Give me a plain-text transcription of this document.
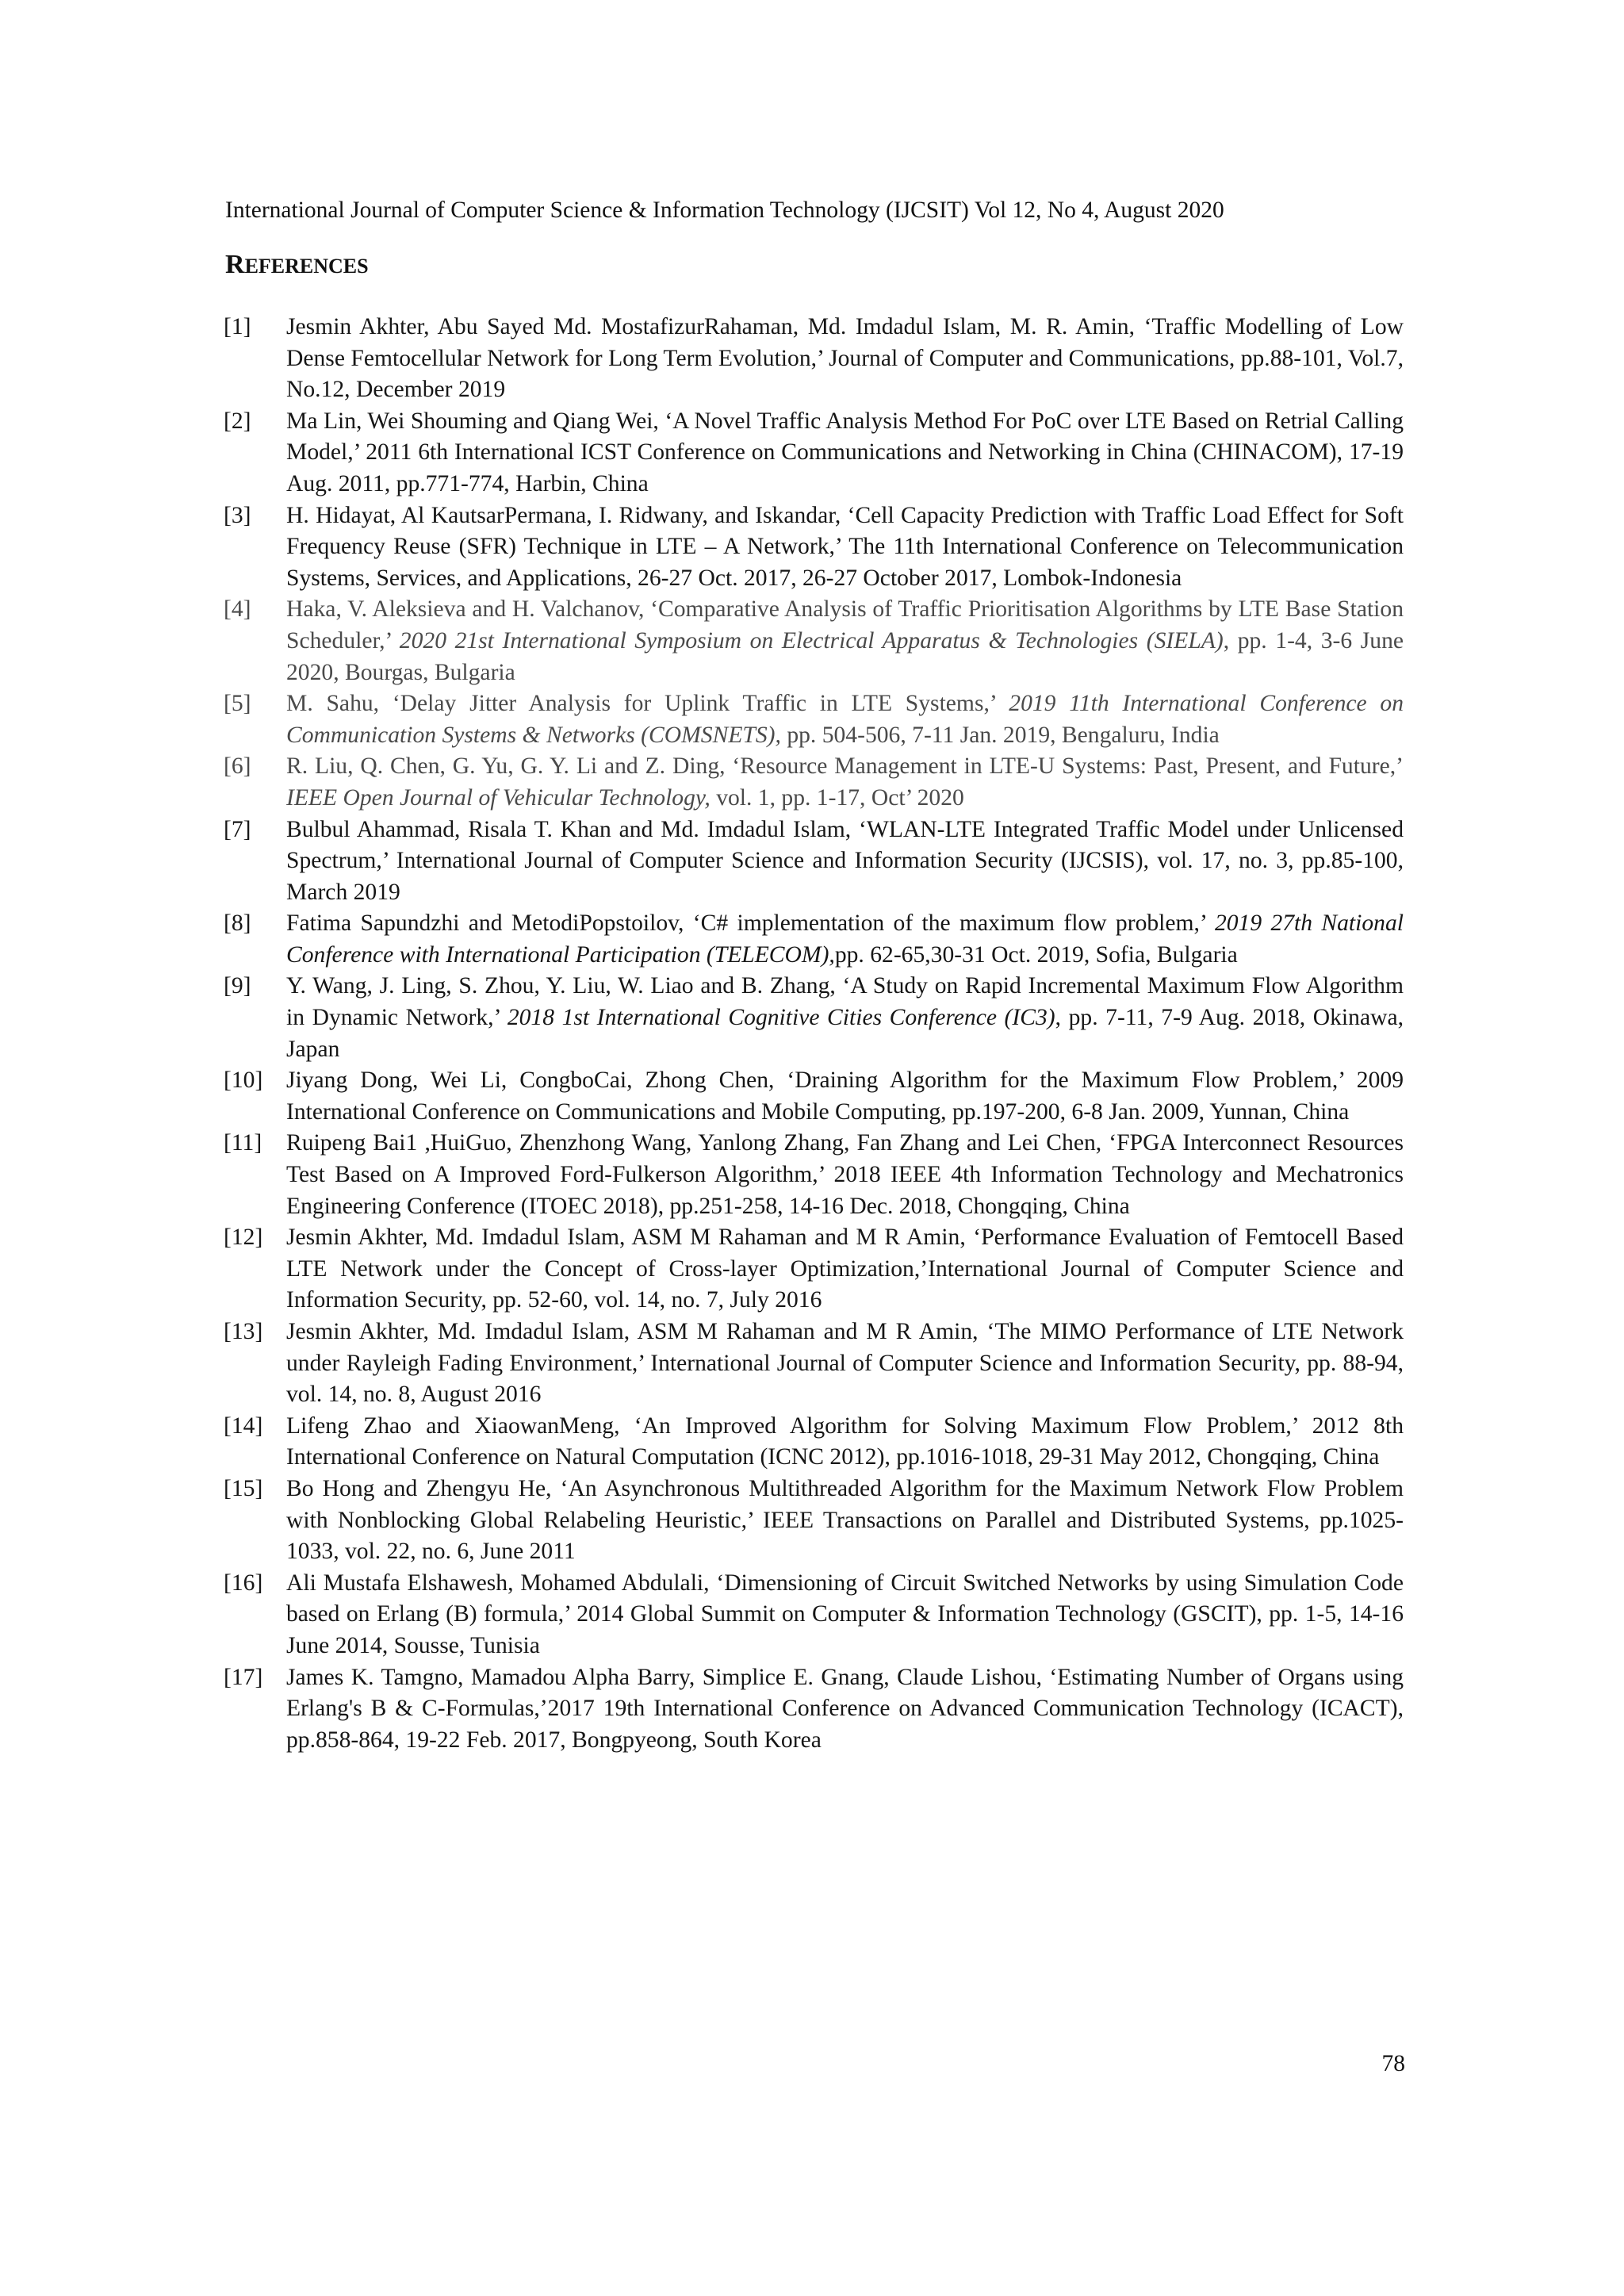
International Journal of Computer Science & Information Technology (IJCSIT) Vol 12, No 4, August 2020
REFERENCES
[1] Jesmin Akhter, Abu Sayed Md. MostafizurRahaman, Md. Imdadul Islam, M. R. Amin, ‘Traffic Modelling of Low Dense Femtocellular Network for Long Term Evolution,’ Journal of Computer and Communications, pp.88-101, Vol.7, No.12, December 2019
[2] Ma Lin, Wei Shouming and Qiang Wei, ‘A Novel Traffic Analysis Method For PoC over LTE Based on Retrial Calling Model,’ 2011 6th International ICST Conference on Communications and Networking in China (CHINACOM), 17-19 Aug. 2011, pp.771-774, Harbin, China
[3] H. Hidayat, Al KautsarPermana, I. Ridwany, and Iskandar, ‘Cell Capacity Prediction with Traffic Load Effect for Soft Frequency Reuse (SFR) Technique in LTE – A Network,’ The 11th International Conference on Telecommunication Systems, Services, and Applications, 26-27 Oct. 2017, 26-27 October 2017, Lombok-Indonesia
[4] Haka, V. Aleksieva and H. Valchanov, ‘Comparative Analysis of Traffic Prioritisation Algorithms by LTE Base Station Scheduler,’ 2020 21st International Symposium on Electrical Apparatus & Technologies (SIELA), pp. 1-4, 3-6 June 2020, Bourgas, Bulgaria
[5] M. Sahu, ‘Delay Jitter Analysis for Uplink Traffic in LTE Systems,’ 2019 11th International Conference on Communication Systems & Networks (COMSNETS), pp. 504-506, 7-11 Jan. 2019, Bengaluru, India
[6] R. Liu, Q. Chen, G. Yu, G. Y. Li and Z. Ding, ‘Resource Management in LTE-U Systems: Past, Present, and Future,’ IEEE Open Journal of Vehicular Technology, vol. 1, pp. 1-17, Oct’ 2020
[7] Bulbul Ahammad, Risala T. Khan and Md. Imdadul Islam, ‘WLAN-LTE Integrated Traffic Model under Unlicensed Spectrum,’ International Journal of Computer Science and Information Security (IJCSIS), vol. 17, no. 3, pp.85-100, March 2019
[8] Fatima Sapundzhi and MetodiPopstoilov, ‘C# implementation of the maximum flow problem,’ 2019 27th National Conference with International Participation (TELECOM),pp. 62-65,30-31 Oct. 2019, Sofia, Bulgaria
[9] Y. Wang, J. Ling, S. Zhou, Y. Liu, W. Liao and B. Zhang, ‘A Study on Rapid Incremental Maximum Flow Algorithm in Dynamic Network,’ 2018 1st International Cognitive Cities Conference (IC3), pp. 7-11, 7-9 Aug. 2018, Okinawa, Japan
[10] Jiyang Dong, Wei Li, CongboCai, Zhong Chen, ‘Draining Algorithm for the Maximum Flow Problem,’ 2009 International Conference on Communications and Mobile Computing, pp.197-200, 6-8 Jan. 2009, Yunnan, China
[11] Ruipeng Bai1 ,HuiGuo, Zhenzhong Wang, Yanlong Zhang, Fan Zhang and Lei Chen, ‘FPGA Interconnect Resources Test Based on A Improved Ford-Fulkerson Algorithm,’ 2018 IEEE 4th Information Technology and Mechatronics Engineering Conference (ITOEC 2018), pp.251-258, 14-16 Dec. 2018, Chongqing, China
[12] Jesmin Akhter, Md. Imdadul Islam, ASM M Rahaman and M R Amin, ‘Performance Evaluation of Femtocell Based LTE Network under the Concept of Cross-layer Optimization,’International Journal of Computer Science and Information Security, pp. 52-60, vol. 14, no. 7, July 2016
[13] Jesmin Akhter, Md. Imdadul Islam, ASM M Rahaman and M R Amin, ‘The MIMO Performance of LTE Network under Rayleigh Fading Environment,’ International Journal of Computer Science and Information Security, pp. 88-94, vol. 14, no. 8, August 2016
[14] Lifeng Zhao and XiaowanMeng, ‘An Improved Algorithm for Solving Maximum Flow Problem,’ 2012 8th International Conference on Natural Computation (ICNC 2012), pp.1016-1018, 29-31 May 2012, Chongqing, China
[15] Bo Hong and Zhengyu He, ‘An Asynchronous Multithreaded Algorithm for the Maximum Network Flow Problem with Nonblocking Global Relabeling Heuristic,’ IEEE Transactions on Parallel and Distributed Systems, pp.1025-1033, vol. 22, no. 6, June 2011
[16] Ali Mustafa Elshawesh, Mohamed Abdulali, ‘Dimensioning of Circuit Switched Networks by using Simulation Code based on Erlang (B) formula,’ 2014 Global Summit on Computer & Information Technology (GSCIT), pp. 1-5, 14-16 June 2014, Sousse, Tunisia
[17] James K. Tamgno, Mamadou Alpha Barry, Simplice E. Gnang, Claude Lishou, ‘Estimating Number of Organs using Erlang's B & C-Formulas,’2017 19th International Conference on Advanced Communication Technology (ICACT), pp.858-864, 19-22 Feb. 2017, Bongpyeong, South Korea
78
